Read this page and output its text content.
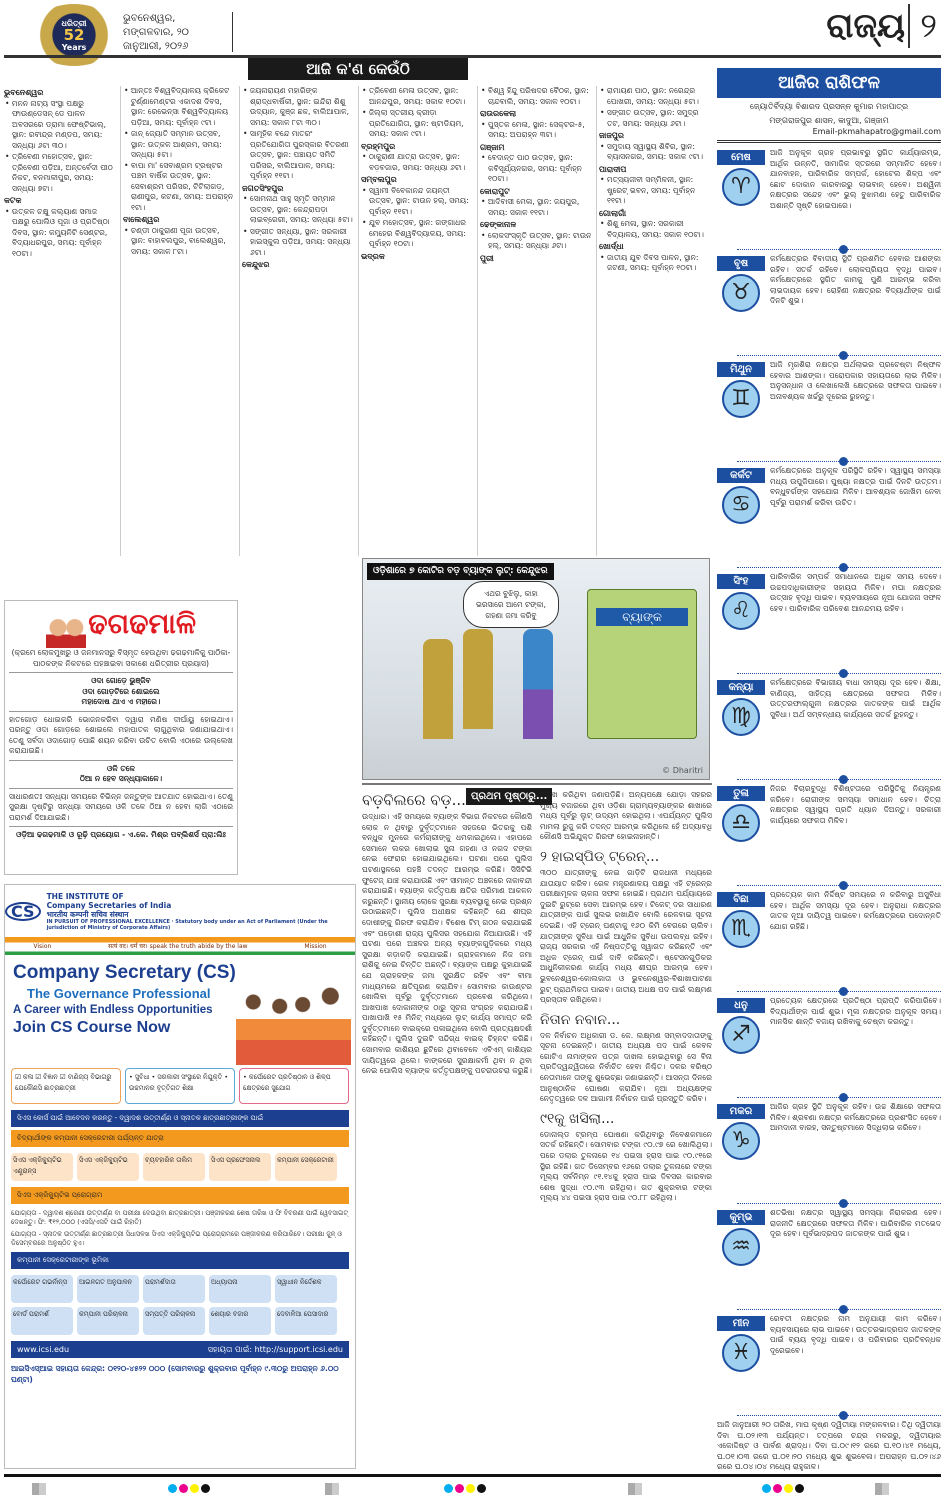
ଧରିତ୍ରୀ
52
Years
ଭୁବନେଶ୍ୱର, ମଙ୍ଗଳବାର, ୨୦ ଜାନୁଆରୀ, ୨୦୨୬
ରାଜ୍ୟ ୨
ଆଜି କ'ଣ କେଉଁଠି
ଭୁବନେଶ୍ୱର
• ମନନ ନାଟ୍ୟ ସଂସ୍ଥା ପକ୍ଷରୁ ଫାଉଣ୍ଡେସନ୍ ଡେ ପାଳନ ଅବସରରେ ଡ୍ରାମା ଫେଷ୍ଟିଭାଲ୍, ସ୍ଥାନ: ରବୀନ୍ଦ୍ର ମଣ୍ଡପ, ସମୟ: ସନ୍ଧ୍ୟା ୬ଟା ୩୦।
• ତ୍ରିବେଣୀ ମହୋତ୍ସବ, ସ୍ଥାନ: ତ୍ରିବେଣୀ ପଡ଼ିଆ, ଅନ୍ତର୍ବେଦୀ ପୀଠ ନିକଟ, ବନମାଳୀପୁର, ସମୟ: ସନ୍ଧ୍ୟା ୭ଟା।
କଟକ
• ଉତ୍କଳ ଚକ୍ଷୁ କଲ୍ୟାଣ ସମାଜ ପକ୍ଷରୁ ପୋଲିଓ ପୂଜା ଓ ପ୍ରତିଷ୍ଠା ଦିବସ, ସ୍ଥାନ: କମ୍ୟୁନିଟି ସେଣ୍ଟର, ବିଦ୍ୟାଧରପୁର, ସମୟ: ପୂର୍ବାହ୍ନ ୧୦ଟା।
• ଆନ୍ତଃ ବିଶ୍ୱବିଦ୍ୟାଳୟ କ୍ରିକେଟ ଟୁର୍ଣ୍ଣାମେଣ୍ଟର ଏକାଦଶ ଦିବସ, ସ୍ଥାନ: ରେଭେନ୍ସା ବିଶ୍ୱବିଦ୍ୟାଳୟ ପଡ଼ିଆ, ସମୟ: ପୂର୍ବାହ୍ନ ୯ଟା।
• ଜାନ୍ ଜ୍ୟୋତି ସମ୍ମାନ ଉତ୍ସବ, ସ୍ଥାନ: ଉତ୍କଳ ଆଶ୍ରମ, ସମୟ: ସନ୍ଧ୍ୟା ୫ଟା।
• ବାପା ମା' ସେବାଶ୍ରମ ଟ୍ରଷ୍ଟର ପଞ୍ଚମ ବାର୍ଷିକ ଉତ୍ସବ, ସ୍ଥାନ: ସେବାଶ୍ରମ ପରିସର, ଟିଟିଲାଗଡ଼, ରାଣୀପୁର, କଟଣା, ସମୟ: ଅପରାହ୍ନ ୧ଟା।
ବାଲେଶ୍ୱର
• ଚଣ୍ଡୀ ଠାକୁରାଣୀ ପୂଜା ଉତ୍ସବ, ସ୍ଥାନ: ବାହାବଲପୁର, ବାଲେଶ୍ୱର, ସମୟ: ସକାଳ ୮ଟା।
• ଜୟନାରାୟଣ ମହାରିଙ୍କ ଶ୍ରାଦ୍ଧବାର୍ଷିକୀ, ସ୍ଥାନ: ଇନ୍ଦିରା ଶିଶୁ ଉଦ୍ୟାନ, କୁଞ୍ଜ ଛକ, ବାଲିଆପାଳ, ସମୟ: ସକାଳ ୮ଟା ୩୦।
• ସାମୂହିକ ବନ୍ଦେ ମାତରଂ ପ୍ରତିଯୋଗିତା ପୁରସ୍କାର ବିତରଣୀ ଉତ୍ସବ, ସ୍ଥାନ: ପଞ୍ଚାୟତ ସମିତି ପରିସର, ବାଲିଆପାଳ, ସମୟ: ପୂର୍ବାହ୍ନ ୧୧ଟା।
ଜଗତସିଂହପୁର
• ସୋମନାଥ ସାହୁ ସ୍ମୃତି ସମ୍ମାନ ଉତ୍ସବ, ସ୍ଥାନ: କେନ୍ଦ୍ରାପଡ଼ା ଲାଇବ୍ରେରୀ, ସମୟ: ସନ୍ଧ୍ୟା ୫ଟା।
• ସଙ୍ଗୀତ ସନ୍ଧ୍ୟା, ସ୍ଥାନ: ସରକାରୀ ହାଇସ୍କୁଲ ପଡ଼ିଆ, ସମୟ: ସନ୍ଧ୍ୟା ୬ଟା।
କେନ୍ଦୁଝର
• ତ୍ରିବେଣୀ ମେଳା ଉତ୍ସବ, ସ୍ଥାନ: ଆନନ୍ଦପୁର, ସମୟ: ସକାଳ ୧୦ଟା।
• ଜିଲ୍ଲା ସ୍ତରୀୟ କ୍ରୀଡ଼ା ପ୍ରତିଯୋଗିତା, ସ୍ଥାନ: ଷ୍ଟାଡିୟମ, ସମୟ: ସକାଳ ୯ଟା।
ବ୍ରହ୍ମପୁର
• ଠାକୁରାଣୀ ଯାତ୍ରା ଉତ୍ସବ, ସ୍ଥାନ: ବଡ଼ବଜାର, ସମୟ: ସନ୍ଧ୍ୟା ୬ଟା।
ସମ୍ବଲପୁର
• ସ୍ୱାମୀ ବିବେକାନନ୍ଦ ଜୟନ୍ତୀ ଉତ୍ସବ, ସ୍ଥାନ: ଟାଉନ ହଲ୍, ସମୟ: ପୂର୍ବାହ୍ନ ୧୧ଟା।
• ଯୁବ ମହୋତ୍ସବ, ସ୍ଥାନ: ଗଙ୍ଗାଧର ମେହେର ବିଶ୍ୱବିଦ୍ୟାଳୟ, ସମୟ: ପୂର୍ବାହ୍ନ ୧୦ଟା।
ଭଦ୍ରକ
• ବିଶ୍ୱ ହିନ୍ଦୁ ପରିଷଦର ବୈଠକ, ସ୍ଥାନ: ଚାନ୍ଦବାଲି, ସମୟ: ସକାଳ ୧୦ଟା।
ରାଉରକେଲା
• ପୁସ୍ତକ ମେଳା, ସ୍ଥାନ: ସେକ୍ଟର-୫, ସମୟ: ଅପରାହ୍ନ ୩ଟା।
ଗଞ୍ଜାମ
• ବେଦାନ୍ତ ପାଠ ଉତ୍ସବ, ସ୍ଥାନ: କବିସୂର୍ଯ୍ୟନଗର, ସମୟ: ପୂର୍ବାହ୍ନ ୧୦ଟା।
କୋରାପୁଟ
• ଆଦିବାସୀ ମେଳା, ସ୍ଥାନ: ଜୟପୁର, ସମୟ: ସକାଳ ୧୧ଟା।
ଢେଙ୍କାନାଳ
• ଲୋକସଂସ୍କୃତି ଉତ୍ସବ, ସ୍ଥାନ: ଟାଉନ ହଲ୍, ସମୟ: ସନ୍ଧ୍ୟା ୬ଟା।
ପୁରୀ
• ରାମାୟଣ ପାଠ, ସ୍ଥାନ: ନରେନ୍ଦ୍ର ପୋଖରୀ, ସମୟ: ସନ୍ଧ୍ୟା ୫ଟା।
• ସଙ୍ଗୀତ ଉତ୍ସବ, ସ୍ଥାନ: ସମୁଦ୍ର ତଟ, ସମୟ: ସନ୍ଧ୍ୟା ୬ଟା।
ଜାଜପୁର
• ସମୁଦାୟ ସ୍ୱାସ୍ଥ୍ୟ ଶିବିର, ସ୍ଥାନ: ବ୍ୟାସନଗର, ସମୟ: ସକାଳ ୯ଟା।
ପାରାଦୀପ
• ମତ୍ସ୍ୟଜୀବୀ ସମ୍ମିଳନୀ, ସ୍ଥାନ: ଷ୍ଟ୍ରେଟ୍ ଭବନ, ସମୟ: ପୂର୍ବାହ୍ନ ୧୧ଟା।
ଗୋଲାଗାଁ
• ଶିଶୁ ମେଳା, ସ୍ଥାନ: ସରକାରୀ ବିଦ୍ୟାଳୟ, ସମୟ: ସକାଳ ୧୦ଟା।
ଖୋର୍ଦ୍ଧା
• ଜାତୀୟ ଯୁବ ଦିବସ ପାଳନ, ସ୍ଥାନ: ଜଟଣୀ, ସମୟ: ପୂର୍ବାହ୍ନ ୧୦ଟା।
ଢଗଢମାଳି

(କ୍ରମେ ଲୋକମୁଖରୁ ଓ ଜନମାନସରୁ ବିସ୍ମୃତ ହେଉଥିବା ଢଗଢମାଳିକୁ ପାଠିକା-ପାଠକଙ୍କ ନିକଟରେ ପହଞ୍ଚାଇବା ସକାଶେ ଧରିତ୍ରୀର ପ୍ରୟାସ)

ଓଦା ଗୋଡ଼େ ଭୁଞ୍ଜିବ

ଓଦା ଗୋଡ଼ଟିରେ ଶୋଇଲେ

ମହାଦୋଷ ଥାଏ ଏ ମହୀରେ।

ହାତଗୋଡ଼ ଧୋଇକରି ଭୋଜନକରିବା ଦ୍ୱାରା ମଣିଷ ଦୀର୍ଘାୟୁ ହୋଇଥାଏ। ପରନ୍ତୁ ଓଦା ଗୋଡ଼ରେ ଶୋଇଲେ ମହାପାତକ ଲାଗୁଥିବାର ଜଣାଯାଇଥାଏ। ତେଣୁ ସର୍ବଦା ଓଦାଗୋଡ଼ ପୋଛି ଶୟନ କରିବା ଉଚିତ ବୋଲି ଏଠାରେ ଉଲ୍ଲେଖ କରାଯାଇଛି।

ଓଳି ତଳେ

ଠିଆ ନ ହେବ ସନ୍ଧ୍ୟାକାଳେ।

ସାଧାରଣତଃ ସନ୍ଧ୍ୟା ସମୟରେ ବିଭିନ୍ନ ଜନ୍ତୁଙ୍କ ଆତଯାତ ହୋଇଥାଏ। ତେଣୁ ସୁରକ୍ଷା ଦୃଷ୍ଟିରୁ ସନ୍ଧ୍ୟା ସମୟରେ ଓଳି ତଳେ ଠିଆ ନ ହେବା ଲାଗି ଏଠାରେ ପରାମର୍ଶ ଦିଆଯାଇଛି।

ଓଡ଼ିଆ ଢଗଢମାଳି ଓ ରୂଢ଼ି ପ୍ରୟୋଗ - ଏ.କେ. ମିଶ୍ର ପବ୍ଲିଶର୍ସ ପ୍ରା:ଲିଃ

ଓଡ଼ିଶାରେ ୭ କୋଟିର ବଡ଼ ବ୍ୟାଙ୍କ ଲୁଟ୍: କେନ୍ଦୁଝର
ଏଥର ବୁଝିଲୁ, କାହା ଭରସାରେ ଆମେ ଟଙ୍କା, ଗହଣା ଜମା କରିବୁ	ବ୍ୟାଙ୍କ
© Dharitri
ବଡ଼ବିଲରେ ବଡ଼... ପ୍ରଥମ ପୃଷ୍ଠାରୁ...

ଉଦ୍ଧାର। ଏହି ସମୟରେ ବ୍ୟାଙ୍କ ବିଭାଗ ନିକଟରେ କୌଣସି ଲୋକ ନ ଥିବାରୁ ଦୁର୍ବୃତ୍ତମାନେ ସହଜରେ ଭିତରକୁ ପଶି ବନ୍ଧୁକ ମୁନରେ କର୍ମଚାରୀଙ୍କୁ ଧମକାଇଥିଲେ। ଏହାପରେ ସେମାନେ ଲକର ଖୋଲାଇ ସୁନା ଗହଣା ଓ ନଗଦ ଟଙ୍କା ନେଇ ଫେରାର ହୋଇଯାଇଥିଲେ। ଘଟଣା ପରେ ପୁଲିସ ଘଟଣାସ୍ଥଳରେ ପହଞ୍ଚି ତଦନ୍ତ ଆରମ୍ଭ କରିଛି। ସିସିଟିଭି ଫୁଟେଜ୍ ଯାଞ୍ଚ କରାଯାଉଛି ଏବଂ ସୀମାନ୍ତ ଅଞ୍ଚଳରେ ନାକାବନ୍ଦୀ କରାଯାଇଛି। ବ୍ୟାଙ୍କ କର୍ତ୍ତୃପକ୍ଷ କ୍ଷତିର ପରିମାଣ ଆକଳନ କରୁଛନ୍ତି। ସ୍ଥାନୀୟ ଲୋକେ ସୁରକ୍ଷା ବ୍ୟବସ୍ଥାକୁ ନେଇ ପ୍ରଶ୍ନ ଉଠାଇଛନ୍ତି। ପୁଲିସ ଅଧୀକ୍ଷକ କହିଛନ୍ତି ଯେ ଶୀଘ୍ର ଦୋଷୀଙ୍କୁ ଗିରଫ କରାଯିବ। ବିଶେଷ ଟିମ୍ ଗଠନ କରାଯାଇଛି ଏବଂ ପଡ଼ୋଶୀ ରାଜ୍ୟ ପୁଲିସର ସହଯୋଗ ନିଆଯାଉଛି। ଏହି ଘଟଣା ପରେ ଅଞ୍ଚଳର ଅନ୍ୟ ବ୍ୟାଙ୍କଗୁଡ଼ିକରେ ମଧ୍ୟ ସୁରକ୍ଷା କଡ଼ାକଡ଼ି କରାଯାଇଛି। ଗ୍ରାହକମାନେ ନିଜ ଜମା ରାଶିକୁ ନେଇ ଚିନ୍ତିତ ଅଛନ୍ତି। ବ୍ୟାଙ୍କ ପକ୍ଷରୁ କୁହାଯାଇଛି ଯେ ଗ୍ରାହକଙ୍କ ଜମା ସୁରକ୍ଷିତ ରହିବ ଏବଂ ବୀମା ମାଧ୍ୟମରେ କ୍ଷତିପୂରଣ କରାଯିବ। ସୋମବାର କାଉଣ୍ଟର ଖୋଲିବା ପୂର୍ବରୁ ଦୁର୍ବୃତ୍ତମାନେ ପ୍ରବେଶ କରିଥିଲେ। ଆଖପାଖ ଦୋକାନୀଙ୍କ ଠାରୁ ସୂଚନା ସଂଗ୍ରହ କରାଯାଉଛି। ପାଖାପାଖି ୧୫ ମିନିଟ୍ ମଧ୍ୟରେ ଲୁଟ୍ କାର୍ଯ୍ୟ ସମାପ୍ତ କରି ଦୁର୍ବୃତ୍ତମାନେ ବାଇକ୍‌ରେ ପଳାଇଥିଲେ ବୋଲି ପ୍ରତ୍ୟକ୍ଷଦର୍ଶୀ କହିଛନ୍ତି। ପୁଲିସ ଦୁଇଟି ସନ୍ଦିଗ୍ଧ ବାଇକ୍ ଚିହ୍ନଟ କରିଛି। ସୋମବାର କାଶିୟର ଛୁଟିରେ ଥିବାବେଳେ ଏବିଏମ୍ କାଶିୟର ଦାୟିତ୍ୱରେ ଥିଲେ। ବାଙ୍କରେ ସୁରକ୍ଷାକର୍ମୀ ଥିବା ନ ଥିବା ନେଇ ପୋଲିସ ବ୍ୟାଙ୍କ କର୍ତ୍ତୃପକ୍ଷଙ୍କୁ ପଚରାଉଚରା କରୁଛି।

ତାରିଖ କରିଥିବା ଜଣାପଡ଼ିଛି। ଅନ୍ୟପକ୍ଷେ ଯୋଡ଼ା ସହରର ମୁଖ୍ୟ ବଜାରରେ ଥିବା ଓଡ଼ିଶା ଗ୍ରାମ୍ୟବ୍ୟାଙ୍କର ଶାଖାରେ ମଧ୍ୟ ପୂର୍ବରୁ ଲୁଟ୍ ଉଦ୍ୟମ ହୋଇଥିଲା। ଏପର୍ଯ୍ୟନ୍ତ ପୁଲିସ ମାମଲା ରୁଜୁ କରି ତଦନ୍ତ ଆରମ୍ଭ କରିଥିଲେ ହେଁ ଅଦ୍ୟାବଧି କୌଣସି ଅଭିଯୁକ୍ତ ଗିରଫ ହୋଇନାହାନ୍ତି।

୨ ହାଇସ୍ପିଡ୍ ଟ୍ରେନ୍...

୩୦୦ ଯାତ୍ରୀଙ୍କୁ ନେଇ ଗାଡ଼ିଟି ରାଜଧାନୀ ମଧ୍ୟରେ ଯାତାୟାତ କରିବ। ରେଳ ମନ୍ତ୍ରଣାଳୟ ପକ୍ଷରୁ ଏହି ଟ୍ରେନ୍‌ର ପରୀକ୍ଷାମୂଳକ ଚାଳନା ସଫଳ ହୋଇଛି। ପ୍ରଥମ ପର୍ଯ୍ୟାୟରେ ଦୁଇଟି ରୁଟ୍‌ରେ ସେବା ଆରମ୍ଭ ହେବ। ଟିକେଟ୍ ଦର ସାଧାରଣ ଯାତ୍ରୀଙ୍କ ପାଇଁ ସୁଲଭ ରଖାଯିବ ବୋଲି ରେଳବାଇ ସୂଚନା ଦେଇଛି। ଏହି ଟ୍ରେନ୍ ଘଣ୍ଟାକୁ ୧୬୦ କିମି ବେଗରେ ଚାଲିବ। ଯାତ୍ରୀଙ୍କ ସୁବିଧା ପାଇଁ ଆଧୁନିକ ସୁବିଧା ଉପଲବ୍ଧ ରହିବ। ରାଜ୍ୟ ସରକାର ଏହି ନିଷ୍ପତ୍ତିକୁ ସ୍ୱାଗତ କରିଛନ୍ତି ଏବଂ ଅଧିକ ଟ୍ରେନ୍ ପାଇଁ ଦାବି କରିଛନ୍ତି। ଷ୍ଟେସନଗୁଡ଼ିକର ଆଧୁନିକୀକରଣ କାର୍ଯ୍ୟ ମଧ୍ୟ ଶୀଘ୍ର ଆରମ୍ଭ ହେବ। ଭୁବନେଶ୍ୱର-କୋଲକାତା ଓ ଭୁବନେଶ୍ୱର-ବିଶାଖାପାଟଣା ରୁଟ୍ ପ୍ରାଥମିକତା ପାଇବ। ଜାତୀୟ ଅଧକ୍ଷ ପଦ ପାଇଁ ଲକ୍ଷ୍ମଣ ପ୍ରସ୍ତାବ ରଖିଥିଲେ।

ନିତାନ ନବାନ...

ଦଳ ନିର୍ବାଚନ ଅଧିକାରୀ ଡ. କେ. ଲକ୍ଷ୍ମଣ ସମ୍ବାଦଦାତାଙ୍କୁ ସୂଚନା ଦେଇଛନ୍ତି। ଜାତୀୟ ଅଧ୍ୟକ୍ଷ ପଦ ପାଇଁ କେବଳ ଗୋଟିଏ ନାମାଙ୍କନ ପତ୍ର ଦାଖଲ ହୋଇଥିବାରୁ ସେ ବିନା ପ୍ରତିଦ୍ୱନ୍ଦ୍ୱିତାରେ ନିର୍ବାଚିତ ହେବା ନିଶ୍ଚିତ। ଦଳର ବରିଷ୍ଠ ନେତାମାନେ ତାଙ୍କୁ ଶୁଭେଚ୍ଛା ଜଣାଇଛନ୍ତି। ଆସନ୍ତା ଦିନରେ ଆନୁଷ୍ଠାନିକ ଘୋଷଣା କରାଯିବ। ନୂଆ ଅଧ୍ୟକ୍ଷଙ୍କ ନେତୃତ୍ୱରେ ଦଳ ଆଗାମୀ ନିର୍ବାଚନ ପାଇଁ ପ୍ରସ୍ତୁତି କରିବ।

୯୧କୁ ଖସିଲା...

ଡୋନାଲ୍ଡ ଟ୍ରମ୍ପ ଘୋଷଣା କରିଥିବାରୁ ନିବେଶକମାନେ ସତର୍କ ରହିଛନ୍ତି। ସୋମବାର ଟଙ୍କା ୯୦.୯୭ ରେ ଖୋଲିଥିଲା। ପରେ ଡଲାର ତୁଳନାରେ ୧୪ ପଇସା ହ୍ରାସ ପାଇ ୯୦.୯୧ରେ ସ୍ଥିର ରହିଛି। ଗତ ଡିସେମ୍ବର ୧୬ରେ ଡଲାର ତୁଳନାରେ ଟଙ୍କା ମୂଲ୍ୟ ସର୍ବନିମ୍ନ ୯୧.୧୪କୁ ହ୍ରାସ ପାଇ ଦିବସର କାରବାର ଶେଷ ସୁଦ୍ଧା ୯୦.୯୩ ରହିଥିଲା। ଗତ ଶୁକ୍ରବାର ଟଙ୍କା ମୂଲ୍ୟ ୪୪ ପଇସା ହ୍ରାସ ପାଇ ୯୦.୮୮ ରହିଥିଲା।

CS
THE INSTITUTE OF
Company Secretaries of India
भारतीय कम्पनी सचिव संस्थान
IN PURSUIT OF PROFESSIONAL EXCELLENCE · Statutory body under an Act of Parliament (Under the jurisdiction of Ministry of Corporate Affairs)
Vision	सत्यं वद। धर्मं चर। speak the truth abide by the law	Mission
Company Secretary (CS)
The Governance Professional
A Career with Endless Opportunities
Join CS Course Now
☑ କଳା ☑ ବିଜ୍ଞାନ ☑ ବାଣିଜ୍ୟ ବିଭାଗରୁ ଯେକୌଣସି ଛାତ୍ରଛାତ୍ରୀ
• ସୁବିଧା • ସରକାରୀ ସଂସ୍ଥାରେ ନିଯୁକ୍ତି • ଉଚ୍ଚମାନର ବୃତ୍ତିଗତ ଶିକ୍ଷା
• କର୍ପୋରେଟ ପ୍ରତିଷ୍ଠାନ ଓ ଶିଳ୍ପ କ୍ଷେତ୍ରରେ ସୁଯୋଗ
ସିଏସ କୋର୍ସ ପାଇଁ ଆବେଦନ କରନ୍ତୁ - ଦ୍ୱାଦଶ ଉତ୍ତୀର୍ଣ୍ଣ ଓ ସ୍ନାତକ ଛାତ୍ରଛାତ୍ରୀଙ୍କ ପାଇଁ
ବିଦ୍ୟାର୍ଥୀଙ୍କ କମ୍ପାନୀ ସେକ୍ରେଟାରୀ ପର୍ଯ୍ୟନ୍ତ ଯାତ୍ରା
ସିଏସ ଏକ୍ଜିକ୍ୟୁଟିଭ ଏଣ୍ଟ୍ରାନ୍ସ
ସିଏସ ଏକ୍ଜିକ୍ୟୁଟିଭ	ବ୍ୟବହାରିକ ତାଲିମ	ସିଏସ ପ୍ରଫେସନାଲ	କମ୍ପାନୀ ସେକ୍ରେଟାରୀ
ସିଏସ ଏକ୍ଜିକ୍ୟୁଟିଭ ପ୍ରୋଗ୍ରାମ
ଯୋଗ୍ୟତା - ଦ୍ୱାଦଶ ଶ୍ରେଣୀ ଉତ୍ତୀର୍ଣ୍ଣ ବା ପରୀକ୍ଷା ଦେଉଥିବା ଛାତ୍ରଛାତ୍ରୀ। ପଞ୍ଜୀକରଣ ଶେଷ ତାରିଖ ଓ ଫି ବିବରଣୀ ପାଇଁ ୱେବସାଇଟ୍ ଦେଖନ୍ତୁ। ଫି: ₹୧୨,୦୦୦ (ଏସସି/ଏସଟି ପାଇଁ ରିହାତି)
ଯୋଗ୍ୟତା - ସ୍ନାତକ ଉତ୍ତୀର୍ଣ୍ଣ ଛାତ୍ରଛାତ୍ରୀ ସିଧାସଳଖ ସିଏସ ଏକ୍ଜିକ୍ୟୁଟିଭ ପ୍ରୋଗ୍ରାମରେ ପଞ୍ଜୀକରଣ କରିପାରିବେ। ପରୀକ୍ଷା ଜୁନ୍ ଓ ଡିସେମ୍ବରରେ ଅନୁଷ୍ଠିତ ହୁଏ।
କମ୍ପାନୀ ସେକ୍ରେଟାରୀଙ୍କ ଭୂମିକା
କର୍ପୋରେଟ ଗଭର୍ନାନ୍ସ	ଆଇନଗତ ଅନୁପାଳନ	ପରାମର୍ଶଦାତା	ଅଧ୍ୟାପନା	ସ୍ୱାଧୀନ ନିର୍ଦ୍ଦେଶକ
ବୋର୍ଡ ପରାମର୍ଶ	କମ୍ପାନୀ ପରିଚାଳନା	ସମ୍ପତ୍ତି ପରିଚାଳନା	ଶେୟାର ବଜାର	ଦେବାଳିଆ ପେସାଦାର
www.icsi.edu	ସହାୟତା ପାଇଁ: http://support.icsi.edu
ଆଇସିଏସ୍ଆଇ ସହାୟତା କେନ୍ଦ୍ର: ୦୧୨୦-୪୫୨୨ ୦୦୦ (ସୋମବାରରୁ ଶୁକ୍ରବାର ପୂର୍ବାହ୍ନ ୯.୩୦ରୁ ଅପରାହ୍ନ ୬.୦୦ ଘଣ୍ଟା)
ଆଜିର ରାଶିଫଳ
ଜ୍ୟୋତିର୍ବିଦ୍ୟା ବିଶାରଦ ପ୍ରସନ୍ନ କୁମାର ମହାପାତ୍ର
ମଙ୍ଗରାଜପୁର ଶାସନ, କାଦୁଆ, ଗଞ୍ଜାମ
Email-pkmahapatro@gmail.com
ମେଷ
♈
ଆଜି ଅନୁକୂଳ ଗ୍ରହ ପ୍ରଭାବରୁ ସ୍ଥଗିତ କାର୍ଯ୍ୟାରମ୍ଭ, ଆର୍ଥିକ ଉନ୍ନତି, ସାମାଜିକ ସ୍ତରରେ ସମ୍ମାନିତ ହେବେ। ଯାନବାହନ, ପାରିବାରିକ ସମ୍ପର୍କ, ହୋଟେଲ ଶିଳ୍ପ ଏବଂ ଛୋଟ ଦୋକାନ କାରବାରରୁ ଲାଭବାନ୍ ହେବେ। ଅଶ୍ୱିନୀ ନକ୍ଷତ୍ରର ସନ୍ଦେହ ଏବଂ ଭୁଲ୍ ବୁଝାମଣା ହେତୁ ପାରିବାରିକ ଅଶାନ୍ତି ସୃଷ୍ଟି ହୋଇପାରେ।
ବୃଷ
♉
କର୍ମକ୍ଷେତ୍ରର ବିବାଦୀୟ ସ୍ଥିତି ପ୍ରଶମିତ ହେବାର ଆଶଙ୍କା ରହିବ। ସତର୍କ ରହିବେ। ଲୋକପ୍ରିୟତା ବୃଦ୍ଧି ପାଇବ। କର୍ମକ୍ଷେତ୍ରରେ ସ୍ଥଗିତ କାମକୁ ପୁଣି ଆରମ୍ଭ କରିବା ଲାଭଦାୟକ ହେବ। ରୋହିଣୀ ନକ୍ଷତ୍ରର ବିଦ୍ୟାର୍ଥୀଙ୍କ ପାଇଁ ଦିନଟି ଶୁଭ।
ମିଥୁନ
♊
ଆଜି ମୃଗଶିରା ନକ୍ଷତ୍ର ଅର୍ଥଲାଭର ପ୍ରଚେଷ୍ଟା ନିଷ୍ଫଳ ହେବାର ଆଶଙ୍କା। ପରୋପକାର ସହାୟତାରେ ଲାଭ ମିଳିବ। ଅନୁସନ୍ଧାନ ଓ ଲେଖାଲେଖି କ୍ଷେତ୍ରରେ ସଫଳତା ପାଇବେ। ଅନାବଶ୍ୟକ ଖର୍ଚ୍ଚରୁ ଦୂରେଇ ରୁହନ୍ତୁ।
କର୍କଟ
♋
କର୍ମକ୍ଷେତ୍ରରେ ଅନୁକୂଳ ପରିସ୍ଥିତି ରହିବ। ସ୍ୱାସ୍ଥ୍ୟ ସମସ୍ୟା ମଧ୍ୟ ଉପୁଜିପାରେ। ପୁଷ୍ୟା ନକ୍ଷତ୍ର ପାଇଁ ଦିନଟି ଉତ୍ତମ। ବନ୍ଧୁବର୍ଗଙ୍କ ସହଯୋଗ ମିଳିବ। ଆବଶ୍ୟକ ଜୋଖିମ ନେବା ପୂର୍ବରୁ ପରାମର୍ଶ କରିବା ଉଚିତ।
ସିଂହ
♌
ପାରିବାରିକ ସମ୍ପର୍କ ସମାଧାନରେ ଅଧିକ ସମୟ ଦେବେ। ଉଚ୍ଚପଦାଧିକାରୀଙ୍କ ସହାୟତା ମିଳିବ। ମଘା ନକ୍ଷତ୍ରର ଉତ୍ସାହ ବୃଦ୍ଧି ପାଇବ। ବ୍ୟବସାୟରେ ନୂଆ ଯୋଜନା ସଫଳ ହେବ। ପାରିବାରିକ ପରିବେଶ ଆନନ୍ଦମୟ ରହିବ।
କନ୍ୟା
♍
କର୍ମକ୍ଷେତ୍ରରେ ବିଭାଗୀୟ ବାଧା ସମସ୍ୟା ଦୂର ହେବ। ଶିକ୍ଷା, ବାଣିଜ୍ୟ, ସାହିତ୍ୟ କ୍ଷେତ୍ରରେ ସଫଳତା ମିଳିବ। ଉତ୍ତରଫାଲ୍ଗୁନୀ ନକ୍ଷତ୍ରର ଜାତକଙ୍କ ପାଇଁ ଆର୍ଥିକ ସୁବିଧା। ଅର୍ଥ ସମ୍ବନ୍ଧୀୟ କାର୍ଯ୍ୟରେ ସତର୍କ ରୁହନ୍ତୁ।
ତୁଳା
♎
ନିଜର ବିଚାରବୁଦ୍ଧି ବିଶିଷ୍ଟତାରେ ପରିସ୍ଥିତିକୁ ନିୟନ୍ତ୍ରଣ କରିବେ। ରୋଗୀଙ୍କ ସମସ୍ୟା ସମାଧାନ ହେବ। ଚିତ୍ରା ନକ୍ଷତ୍ରର ସ୍ୱାସ୍ଥ୍ୟ ପ୍ରତି ଧ୍ୟାନ ଦିଅନ୍ତୁ। ସରକାରୀ କାର୍ଯ୍ୟରେ ସଫଳତା ମିଳିବ।
ବିଛା
♏
ପ୍ରତ୍ୟେକ କାମ ନିର୍ଦ୍ଦିଷ୍ଟ ସମୟରେ ନ କରିବାରୁ ଅସୁବିଧା ହେବ। ଆର୍ଥିକ ସମସ୍ୟା ଦୂର ହେବ। ଅନୁରାଧା ନକ୍ଷତ୍ରର ଜାତକ ନୂଆ ଦାୟିତ୍ୱ ପାଇବେ। କର୍ମକ୍ଷେତ୍ରରେ ପଦୋନ୍ନତି ଯୋଗ ରହିଛି।
ଧନୁ
♐
ପ୍ରତ୍ୟେକ କ୍ଷେତ୍ରରେ ପ୍ରତିଷ୍ଠା ପ୍ରାପ୍ତି କରିପାରିବେ। ବିଦ୍ୟାର୍ଥୀଙ୍କ ପାଇଁ ଶୁଭ। ମୂଳା ନକ୍ଷତ୍ରର ଅନୁକୂଳ ସମୟ। ମାନସିକ ଶାନ୍ତି ବଜାୟ ରଖିବାକୁ ଚେଷ୍ଟା କରନ୍ତୁ।
ମକର
♑
ଆଜିର ଗ୍ରହ ସ୍ଥିତି ଅନୁକୂଳ ରହିବ। ଉଚ୍ଚ ଶିକ୍ଷାରେ ସଫଳତା ମିଳିବ। ଶ୍ରବଣା ନକ୍ଷତ୍ର କର୍ମକ୍ଷେତ୍ରରେ ପ୍ରଶଂସିତ ହେବେ। ଆମଦାନୀ ବାରହ, ସନ୍ତୁଷ୍ଟମାନେ ସିଦ୍ଧିଲାଭ କରିବେ।
କୁମ୍ଭ
♒
ଶତଭିଷା ନକ୍ଷତ୍ର ସ୍ୱାସ୍ଥ୍ୟ ସମସ୍ୟା ନିରାକରଣ ହେବ। ରାଜନୀତି କ୍ଷେତ୍ରରେ ସଫଳତା ମିଳିବ। ପାରିବାରିକ ମତଭେଦ ଦୂର ହେବ। ପୂର୍ବଭାଦ୍ରପଦ ଜାତକଙ୍କ ପାଇଁ ଶୁଭ।
ମୀନ
♓
ରେବତୀ ନକ୍ଷତ୍ରର ନାମ ଅନୁଯାୟୀ କାମ କରିବେ। ବ୍ୟବସାୟରେ ଲାଭ ପାଇବେ। ଉତ୍ତରଭାଦ୍ରପଦ ଜାତକଙ୍କ ପାଇଁ ବ୍ୟୟ ବୃଦ୍ଧି ପାଇବ। ଓ ପରିବାରର ପ୍ରତିବନ୍ଧକ ଦୂରେଇବେ।

ଆଜି ଜାନୁଆରୀ ୨୦ ତାରିଖ, ମାଘ କୃଷ୍ଣ ଦ୍ୱିତୀୟା ମଙ୍ଗଳବାର। ତିଥି ଦ୍ୱିତୀୟା ଦିବା ଘ.୦୨।୧୩ ପର୍ଯ୍ୟନ୍ତ। ତତ୍ପରେ ଚନ୍ଦ୍ର ମକରରୁ, ଦ୍ୱିତୀୟାର ଏକୋଦ୍ଦିଷ୍ଟ ଓ ପାର୍ବଣ ଶ୍ରାଦ୍ଧ। ଦିବା ଘ.୦୯।୧୨ ରରେ ଘ.୧୦।୪୧ ମଧ୍ୟେ, ଘ.୦୧।୦୩ ରରେ ଘ.୦୧।୨୦ ମଧ୍ୟେ ଶୁଭ ଶୁଭବେଳା। ଅପରାହ୍ନ ଘ.୦୨।୪୬ ରରେ ଘ.୦୪।୦୪ ମଧ୍ୟେ ରାହୁକାଳ।
